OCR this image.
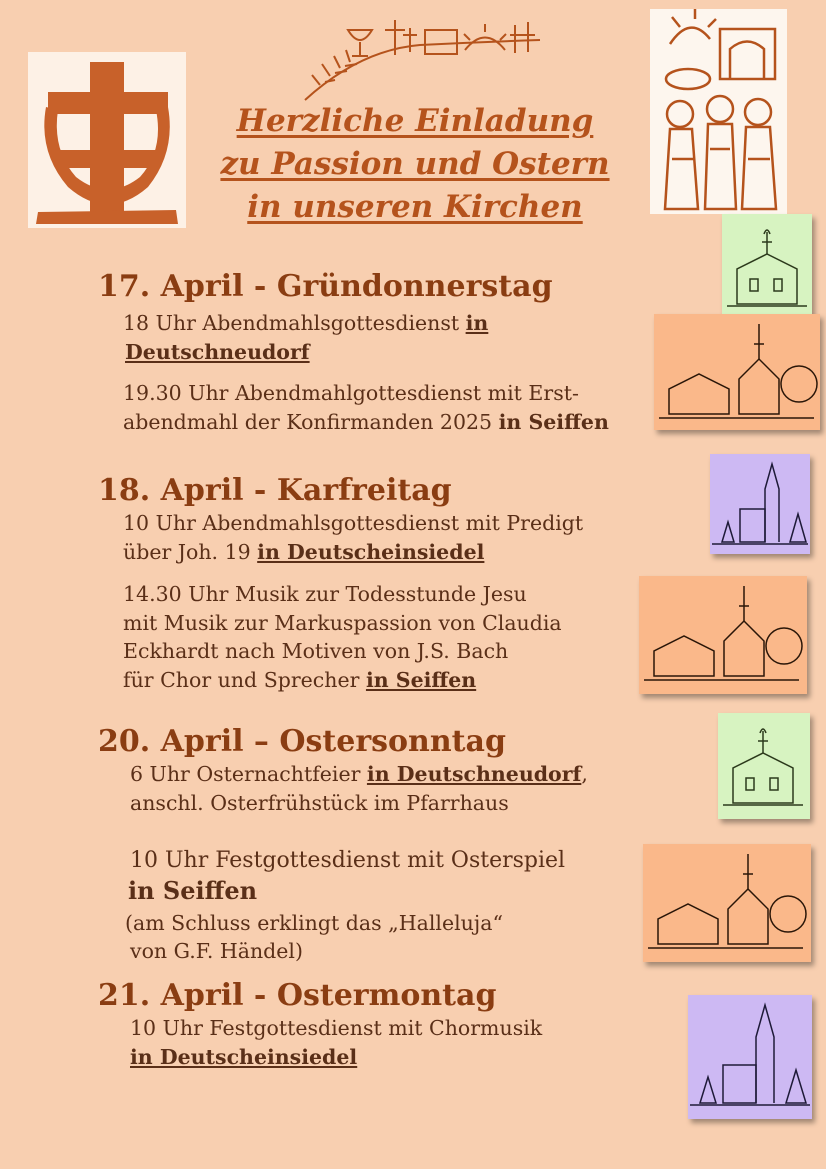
Herzliche Einladung
zu Passion und Ostern
in unseren Kirchen
17. April - Gründonnerstag
18 Uhr Abendmahlsgottesdienst in
Deutschneudorf
19.30 Uhr Abendmahlgottesdienst mit Erst-
abendmahl der Konfirmanden 2025 in Seiffen
18. April - Karfreitag
10 Uhr Abendmahlsgottesdienst mit Predigt
über Joh. 19 in Deutscheinsiedel
14.30 Uhr Musik zur Todesstunde Jesu
mit Musik zur Markuspassion von Claudia
Eckhardt nach Motiven von J.S. Bach
für Chor und Sprecher in Seiffen
20. April – Ostersonntag
6 Uhr Osternachtfeier in Deutschneudorf,
anschl. Osterfrühstück im Pfarrhaus
10 Uhr Festgottesdienst mit Osterspiel
in Seiffen
(am Schluss erklingt das „Halleluja“
von G.F. Händel)
21. April - Ostermontag
10 Uhr Festgottesdienst mit Chormusik
in Deutscheinsiedel
